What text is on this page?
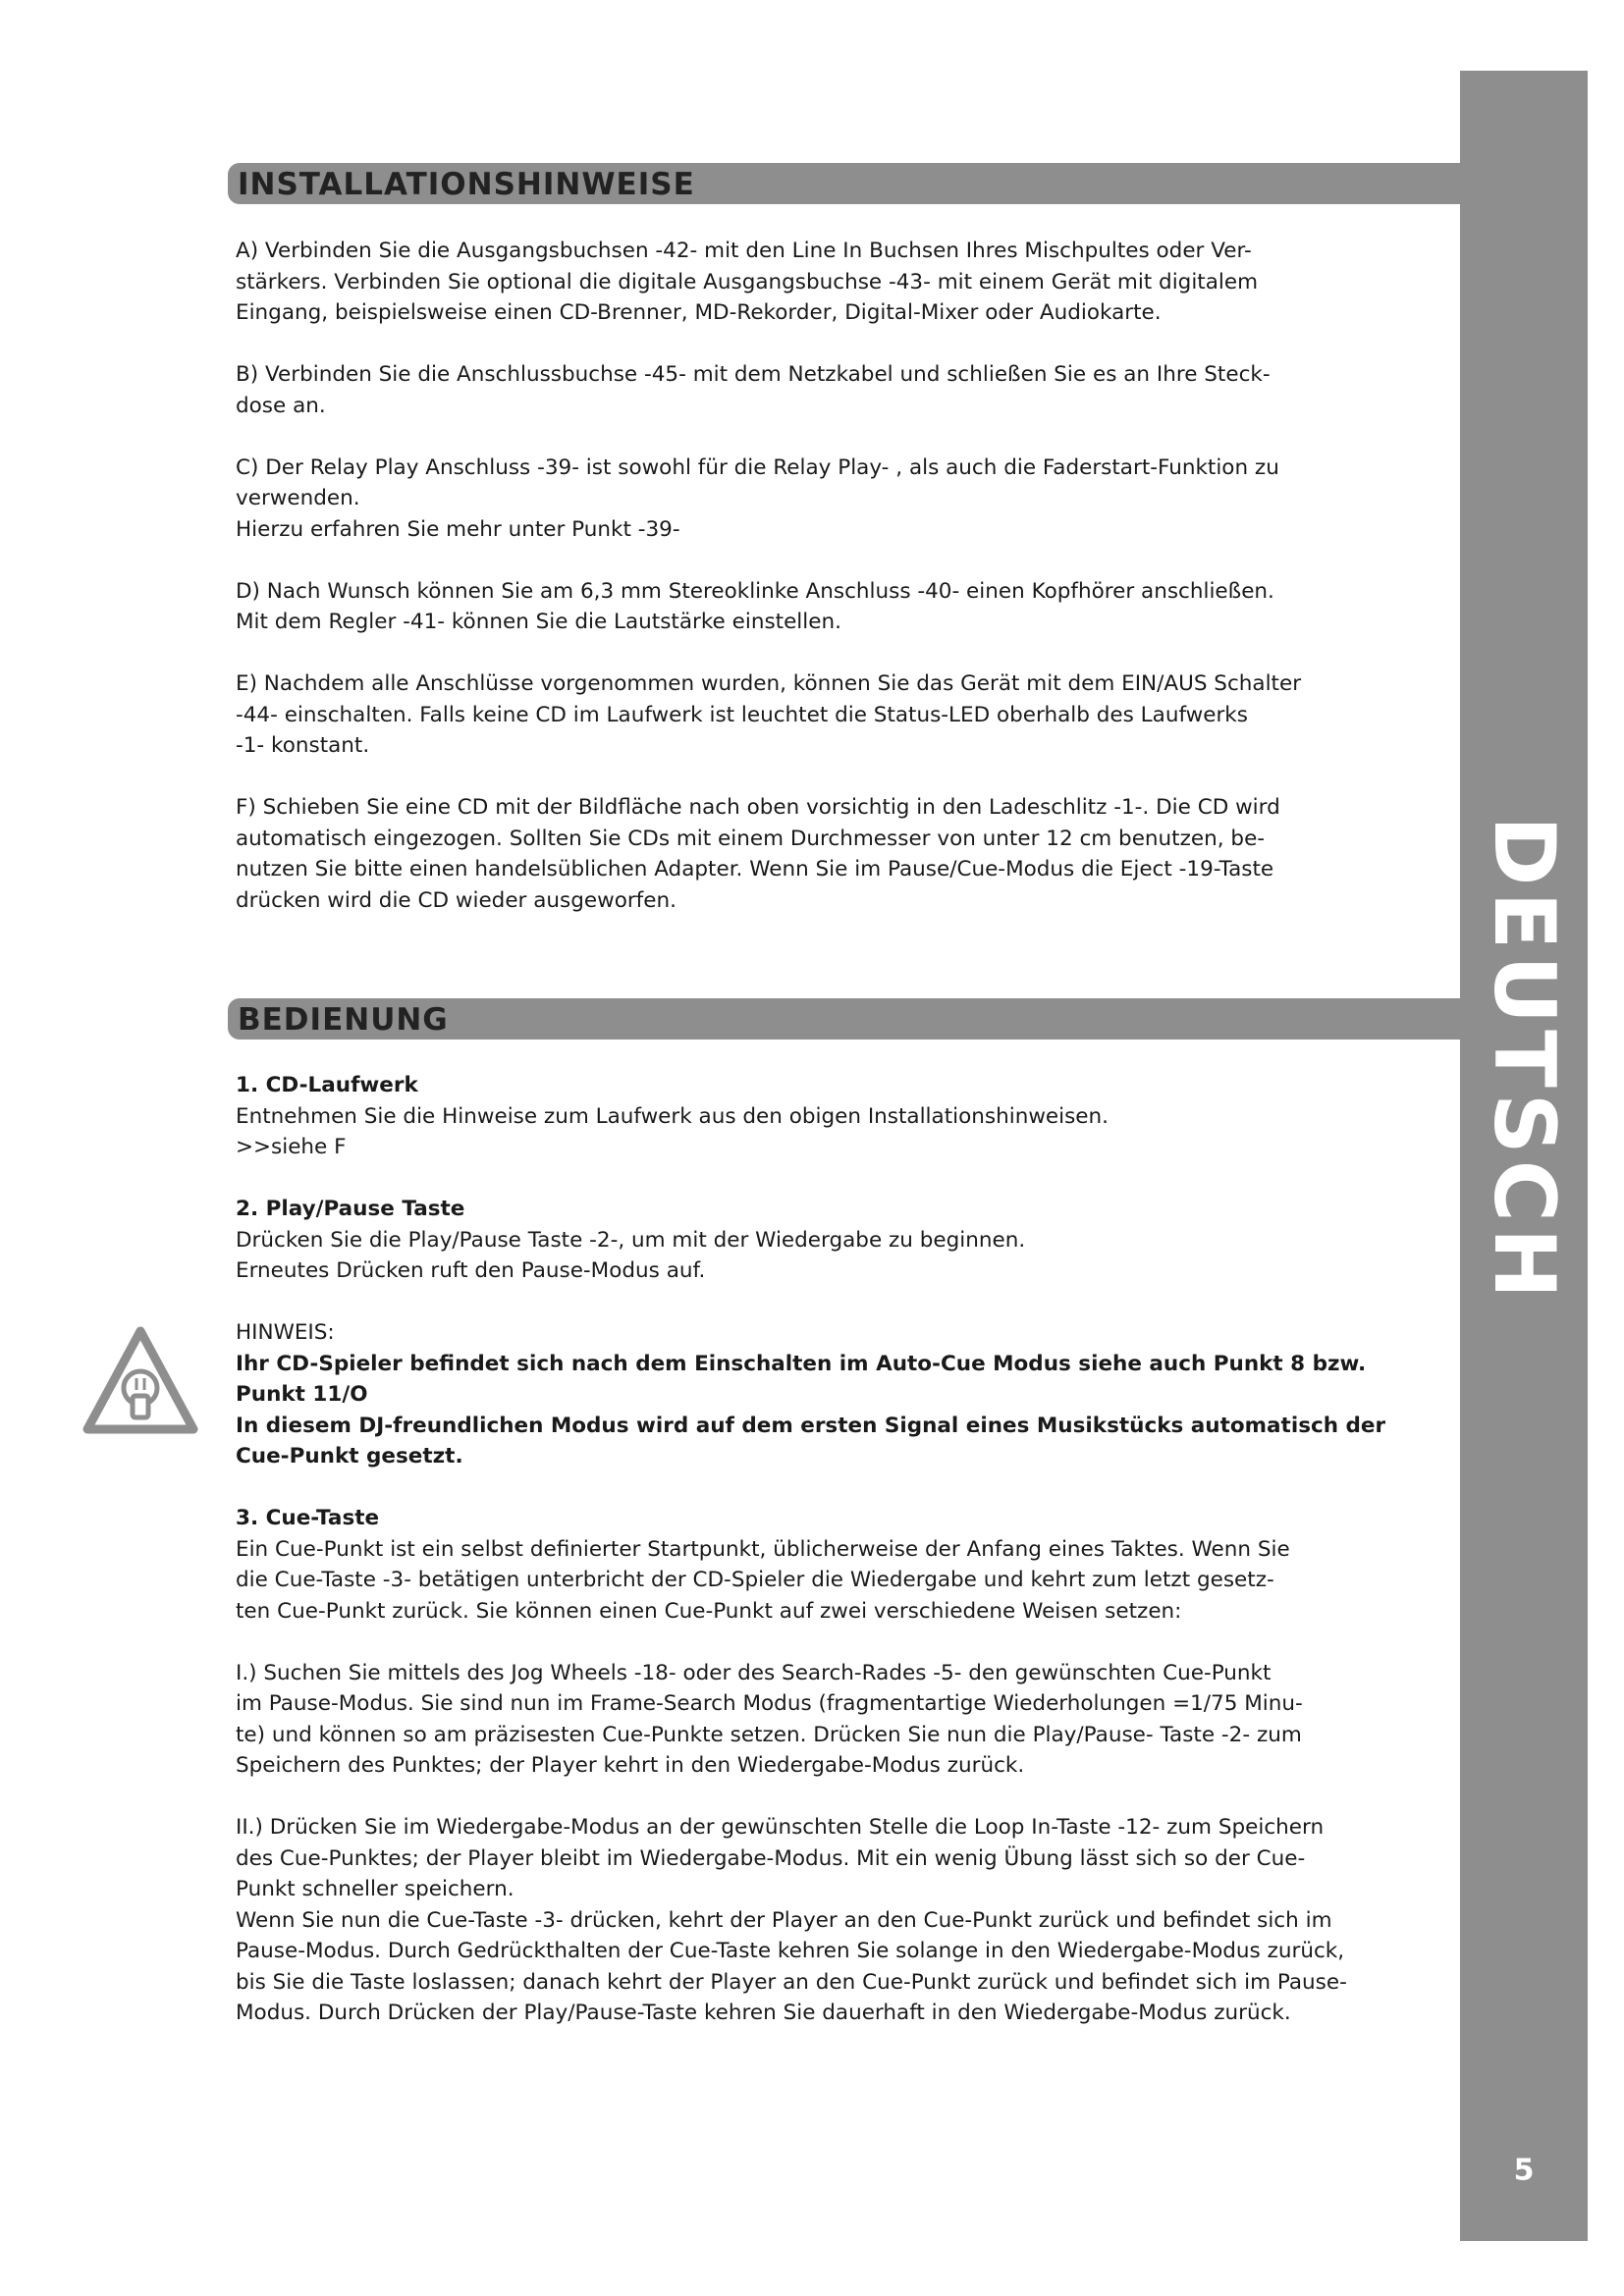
DEUTSCH
5
INSTALLATIONSHINWEISE

A) Verbinden Sie die Ausgangsbuchsen -42- mit den Line In Buchsen Ihres Mischpultes oder Ver-
stärkers. Verbinden Sie optional die digitale Ausgangsbuchse -43- mit einem Gerät mit digitalem
Eingang, beispielsweise einen CD-Brenner, MD-Rekorder, Digital-Mixer oder Audiokarte.

B) Verbinden Sie die Anschlussbuchse -45- mit dem Netzkabel und schließen Sie es an Ihre Steck-
dose an.

C) Der Relay Play Anschluss -39- ist sowohl für die Relay Play- , als auch die Faderstart-Funktion zu
verwenden.
Hierzu erfahren Sie mehr unter Punkt -39-

D) Nach Wunsch können Sie am 6,3 mm Stereoklinke Anschluss -40- einen Kopfhörer anschließen.
Mit dem Regler -41- können Sie die Lautstärke einstellen.

E) Nachdem alle Anschlüsse vorgenommen wurden, können Sie das Gerät mit dem EIN/AUS Schalter
-44- einschalten. Falls keine CD im Laufwerk ist leuchtet die Status-LED oberhalb des Laufwerks
-1- konstant.

F) Schieben Sie eine CD mit der Bildfläche nach oben vorsichtig in den Ladeschlitz -1-. Die CD wird
automatisch eingezogen. Sollten Sie CDs mit einem Durchmesser von unter 12 cm benutzen, be-
nutzen Sie bitte einen handelsüblichen Adapter. Wenn Sie im Pause/Cue-Modus die Eject -19-Taste
drücken wird die CD wieder ausgeworfen.

BEDIENUNG

1. CD-Laufwerk
Entnehmen Sie die Hinweise zum Laufwerk aus den obigen Installationshinweisen.
>>siehe F

2. Play/Pause Taste
Drücken Sie die Play/Pause Taste -2-, um mit der Wiedergabe zu beginnen.
Erneutes Drücken ruft den Pause-Modus auf.

HINWEIS:
Ihr CD-Spieler befindet sich nach dem Einschalten im Auto-Cue Modus siehe auch Punkt 8 bzw.
Punkt 11/O
In diesem DJ-freundlichen Modus wird auf dem ersten Signal eines Musikstücks automatisch der
Cue-Punkt gesetzt.

3. Cue-Taste
Ein Cue-Punkt ist ein selbst definierter Startpunkt, üblicherweise der Anfang eines Taktes. Wenn Sie
die Cue-Taste -3- betätigen unterbricht der CD-Spieler die Wiedergabe und kehrt zum letzt gesetz-
ten Cue-Punkt zurück. Sie können einen Cue-Punkt auf zwei verschiedene Weisen setzen:

I.) Suchen Sie mittels des Jog Wheels -18- oder des Search-Rades -5- den gewünschten Cue-Punkt
im Pause-Modus. Sie sind nun im Frame-Search Modus (fragmentartige Wiederholungen =1/75 Minu-
te) und können so am präzisesten Cue-Punkte setzen. Drücken Sie nun die Play/Pause- Taste -2- zum
Speichern des Punktes; der Player kehrt in den Wiedergabe-Modus zurück.

II.) Drücken Sie im Wiedergabe-Modus an der gewünschten Stelle die Loop In-Taste -12- zum Speichern
des Cue-Punktes; der Player bleibt im Wiedergabe-Modus. Mit ein wenig Übung lässt sich so der Cue-
Punkt schneller speichern.
Wenn Sie nun die Cue-Taste -3- drücken, kehrt der Player an den Cue-Punkt zurück und befindet sich im
Pause-Modus. Durch Gedrückthalten der Cue-Taste kehren Sie solange in den Wiedergabe-Modus zurück,
bis Sie die Taste loslassen; danach kehrt der Player an den Cue-Punkt zurück und befindet sich im Pause-
Modus. Durch Drücken der Play/Pause-Taste kehren Sie dauerhaft in den Wiedergabe-Modus zurück.
